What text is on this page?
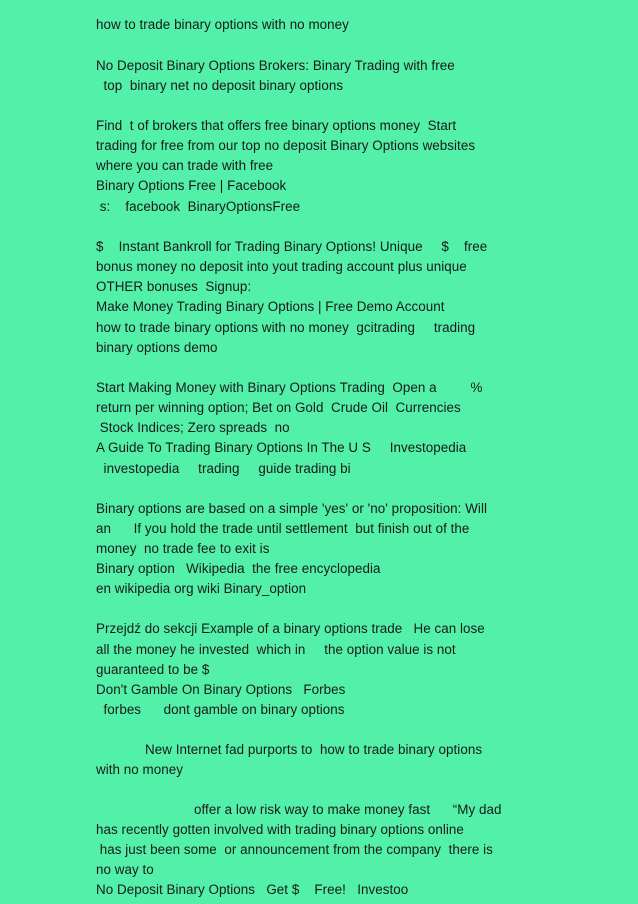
how to trade binary options with no money
No Deposit Binary Options Brokers: Binary Trading with free
top  binary net no deposit binary options
Find  t of brokers that offers free binary options money  Start
trading for free from our top no deposit Binary Options websites
where you can trade with free
Binary Options Free | Facebook
s:    facebook  BinaryOptionsFree
$    Instant Bankroll for Trading Binary Options! Unique     $    free
bonus money no deposit into yout trading account plus unique
OTHER bonuses  Signup:
Make Money Trading Binary Options | Free Demo Account
how to trade binary options with no money  gcitrading     trading
binary options demo
Start Making Money with Binary Options Trading  Open a         %
return per winning option; Bet on Gold  Crude Oil  Currencies
Stock Indices; Zero spreads  no
A Guide To Trading Binary Options In The U S     Investopedia
investopedia     trading     guide trading bi
Binary options are based on a simple 'yes' or 'no' proposition: Will
an      If you hold the trade until settlement  but finish out of the
money  no trade fee to exit is
Binary option   Wikipedia  the free encyclopedia
en wikipedia org wiki Binary_option
Przejdź do sekcji Example of a binary options trade   He can lose
all the money he invested  which in     the option value is not
guaranteed to be $
Don't Gamble On Binary Options   Forbes
forbes      dont gamble on binary options
New Internet fad purports to  how to trade binary options
with no money
offer a low risk way to make money fast      “My dad
has recently gotten involved with trading binary options online
has just been some  or announcement from the company  there is
no way to
No Deposit Binary Options   Get $    Free!   Investoo
